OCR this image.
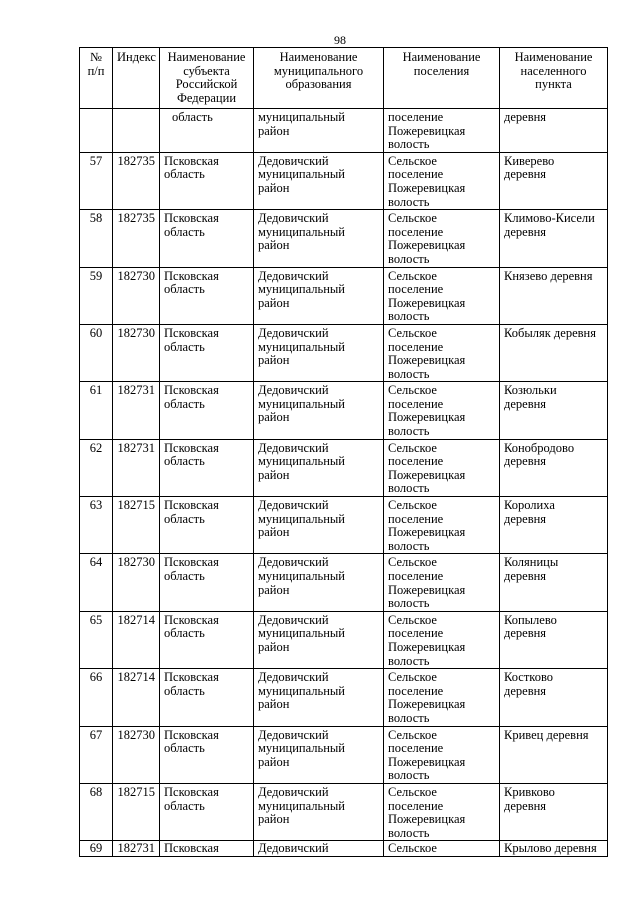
98
№
п/п	Индекс	Наименование
субъекта
Российской
Федерации	Наименование
муниципального
образования	Наименование
поселения	Наименование
населенного
пункта
		область	муниципальный
район	поселение
Пожеревицкая
волость	деревня
57	182735	Псковская
область	Дедовичский
муниципальный
район	Сельское
поселение
Пожеревицкая
волость	Киверево
деревня
58	182735	Псковская
область	Дедовичский
муниципальный
район	Сельское
поселение
Пожеревицкая
волость	Климово-Кисели
деревня
59	182730	Псковская
область	Дедовичский
муниципальный
район	Сельское
поселение
Пожеревицкая
волость	Князево деревня
60	182730	Псковская
область	Дедовичский
муниципальный
район	Сельское
поселение
Пожеревицкая
волость	Кобыляк деревня
61	182731	Псковская
область	Дедовичский
муниципальный
район	Сельское
поселение
Пожеревицкая
волость	Козюльки
деревня
62	182731	Псковская
область	Дедовичский
муниципальный
район	Сельское
поселение
Пожеревицкая
волость	Конобродово
деревня
63	182715	Псковская
область	Дедовичский
муниципальный
район	Сельское
поселение
Пожеревицкая
волость	Королиха
деревня
64	182730	Псковская
область	Дедовичский
муниципальный
район	Сельское
поселение
Пожеревицкая
волость	Коляницы
деревня
65	182714	Псковская
область	Дедовичский
муниципальный
район	Сельское
поселение
Пожеревицкая
волость	Копылево
деревня
66	182714	Псковская
область	Дедовичский
муниципальный
район	Сельское
поселение
Пожеревицкая
волость	Костково
деревня
67	182730	Псковская
область	Дедовичский
муниципальный
район	Сельское
поселение
Пожеревицкая
волость	Кривец деревня
68	182715	Псковская
область	Дедовичский
муниципальный
район	Сельское
поселение
Пожеревицкая
волость	Кривково
деревня
69	182731	Псковская	Дедовичский	Сельское	Крылово деревня
